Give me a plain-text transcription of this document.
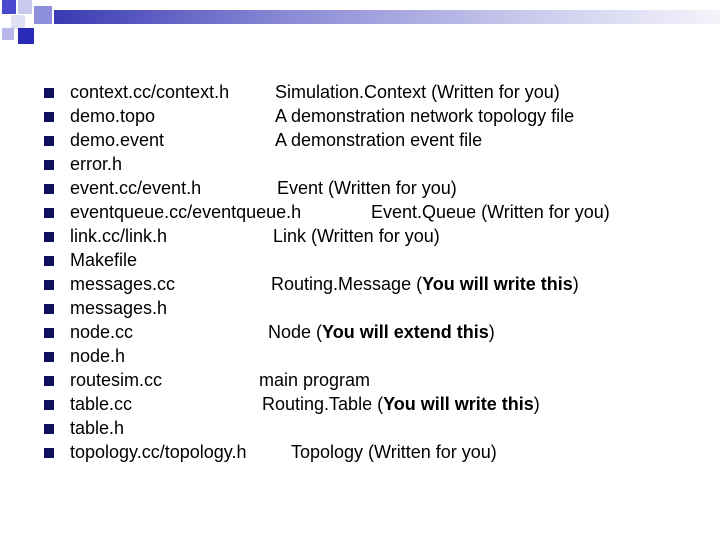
context.cc/context.h	Simulation.Context (Written for you)
demo.topo	A demonstration network topology file
demo.event	A demonstration event file
error.h
event.cc/event.h	Event (Written for you)
eventqueue.cc/eventqueue.h	Event.Queue (Written for you)
link.cc/link.h	Link (Written for you)
Makefile
messages.cc	Routing.Message (You will write this)
messages.h
node.cc	Node (You will extend this)
node.h
routesim.cc	main program
table.cc	Routing.Table (You will write this)
table.h
topology.cc/topology.h Topology (Written for you)
